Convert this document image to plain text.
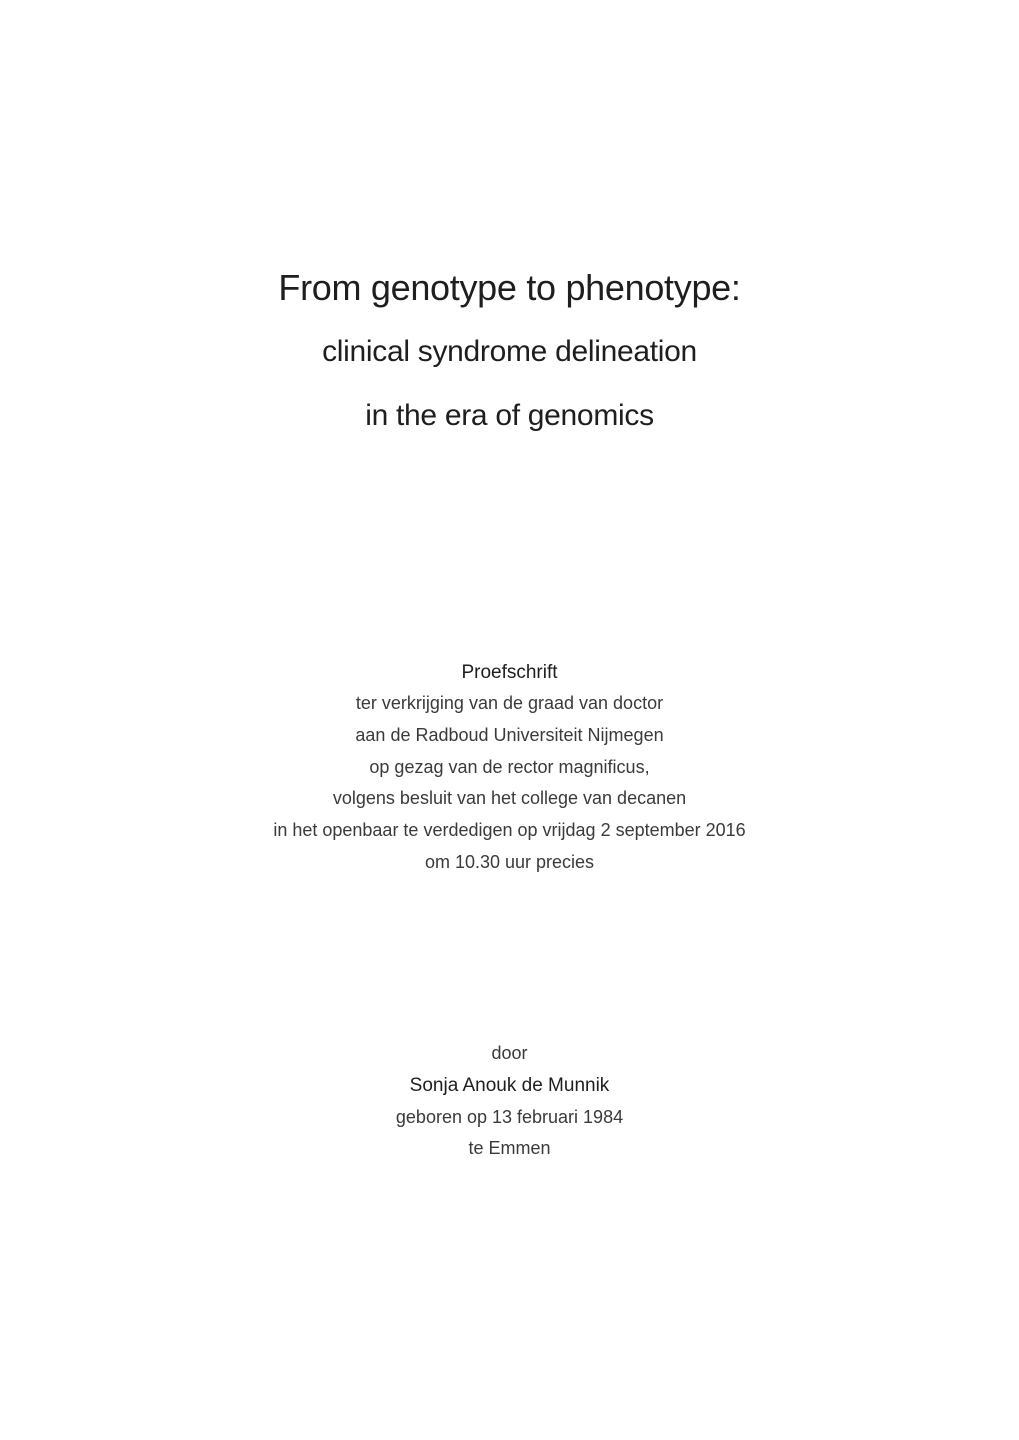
From genotype to phenotype:
clinical syndrome delineation
in the era of genomics
Proefschrift
ter verkrijging van de graad van doctor
aan de Radboud Universiteit Nijmegen
op gezag van de rector magnificus,
volgens besluit van het college van decanen
in het openbaar te verdedigen op vrijdag 2 september 2016
om 10.30 uur precies
door
Sonja Anouk de Munnik
geboren op 13 februari 1984
te Emmen
